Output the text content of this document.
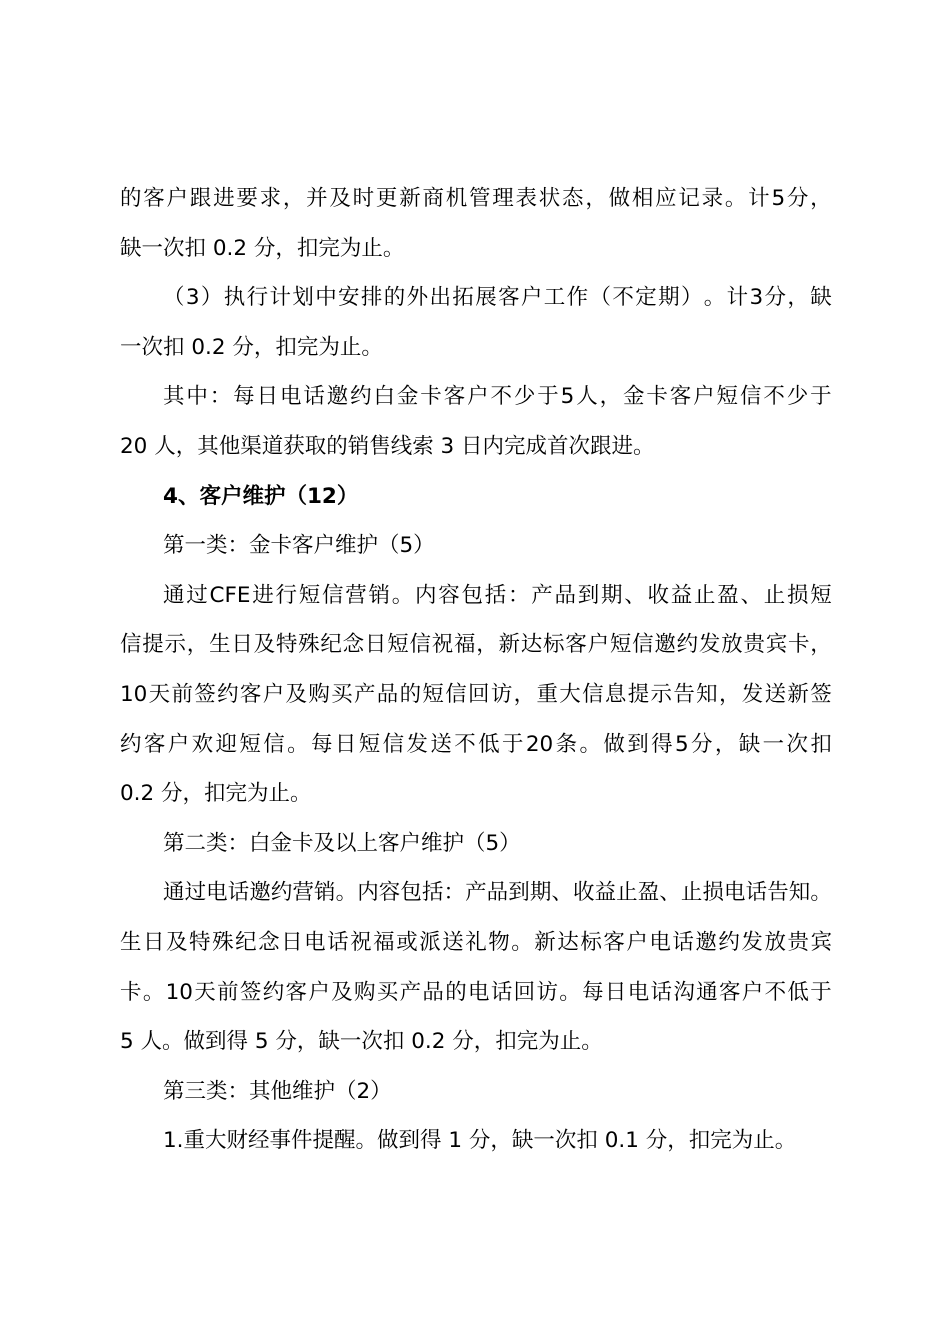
的 客 户 跟 进 要 求 ， 并 及 时 更 新 商 机 管 理 表 状 态 ， 做 相 应 记 录 。 计 5 分 ，
缺一次扣 0.2 分，扣完为止。
（ 3 ） 执 行 计 划 中 安 排 的 外 出 拓 展 客 户 工 作 （ 不 定 期 ） 。 计 3 分 ， 缺
一次扣 0.2 分，扣完为止。
其 中 ： 每 日 电 话 邀 约 白 金 卡 客 户 不 少 于 5 人 ， 金 卡 客 户 短 信 不 少 于
20 人，其他渠道获取的销售线索 3 日内完成首次跟进。
4、客户维护（12）
第一类：金卡客户维护（5）
通 过 CFE 进 行 短 信 营 销 。 内 容 包 括 ： 产 品 到 期 、 收 益 止 盈 、 止 损 短
信 提 示 ， 生 日 及 特 殊 纪 念 日 短 信 祝 福 ， 新 达 标 客 户 短 信 邀 约 发 放 贵 宾 卡 ，
10 天 前 签 约 客 户 及 购 买 产 品 的 短 信 回 访 ， 重 大 信 息 提 示 告 知 ， 发 送 新 签
约 客 户 欢 迎 短 信 。 每 日 短 信 发 送 不 低 于 20 条 。 做 到 得 5 分 ， 缺 一 次 扣
0.2 分，扣完为止。
第二类：白金卡及以上客户维护（5）
通 过 电 话 邀 约 营 销 。 内 容 包 括 ： 产 品 到 期 、 收 益 止 盈 、 止 损 电 话 告 知 。
生 日 及 特 殊 纪 念 日 电 话 祝 福 或 派 送 礼 物 。 新 达 标 客 户 电 话 邀 约 发 放 贵 宾
卡 。 10 天 前 签 约 客 户 及 购 买 产 品 的 电 话 回 访 。 每 日 电 话 沟 通 客 户 不 低 于
5 人。做到得 5 分，缺一次扣 0.2 分，扣完为止。
第三类：其他维护（2）
1.重大财经事件提醒。做到得 1 分，缺一次扣 0.1 分，扣完为止。
